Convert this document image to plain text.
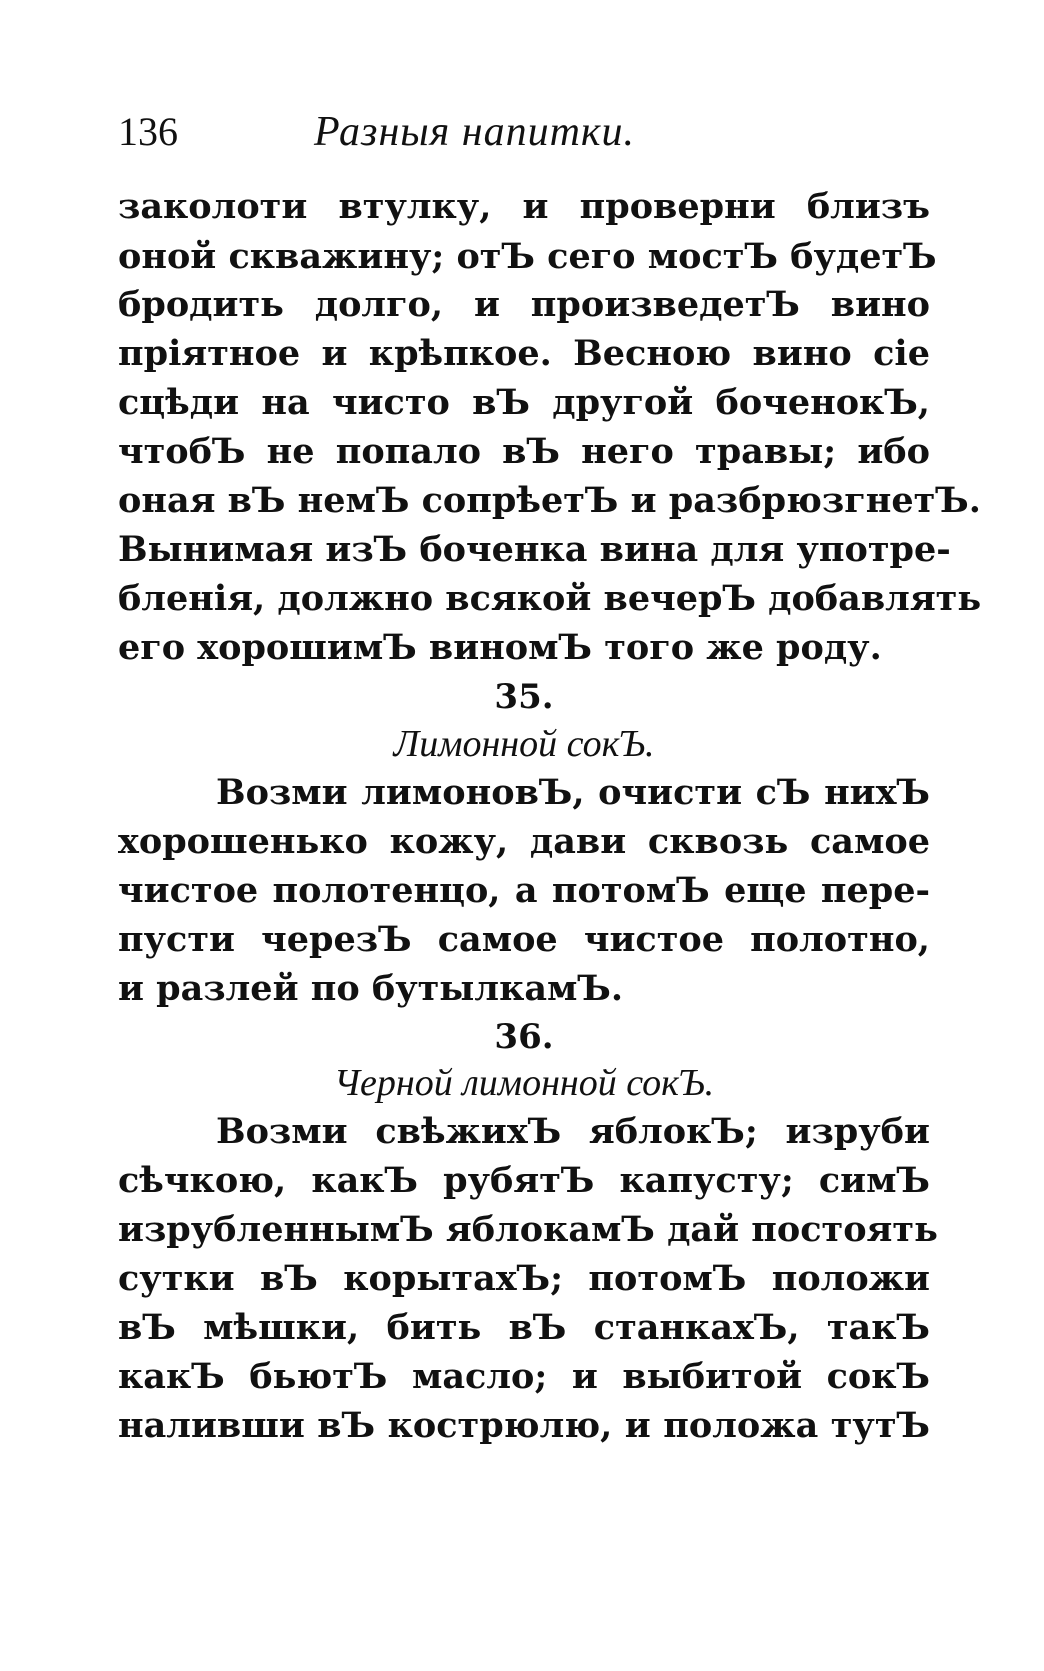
136	Разныя напитки.
заколоти втулку, и проверни близъ
оной скважину; отЪ сего мостЪ будетЪ
бродить долго, и произведетЪ вино
пріятное и крѣпкое. Весною вино сіе
сцѣди на чисто вЪ другой боченокЪ,
чтобЪ не попало вЪ него травы; ибо
оная вЪ немЪ сопрѣетЪ и разбрюзгнетЪ.
Вынимая изЪ боченка вина для употре-
бленія, должно всякой вечерЪ добавлять
его хорошимЪ виномЪ того же роду.
35.
Лимонной сокЪ.
Возми лимоновЪ, очисти сЪ нихЪ
хорошенько кожу, дави сквозь самое
чистое полотенцо, а потомЪ еще пере-
пусти черезЪ самое чистое полотно,
и разлей по бутылкамЪ.
36.
Черной лимонной сокЪ.
Возми свѣжихЪ яблокЪ; изруби
сѣчкою, какЪ рубятЪ капусту; симЪ
изрубленнымЪ яблокамЪ дай постоять
сутки вЪ корытахЪ; потомЪ положи
вЪ мѣшки, бить вЪ станкахЪ, такЪ
какЪ бьютЪ масло; и выбитой сокЪ
наливши вЪ кострюлю, и положа тутЪ
